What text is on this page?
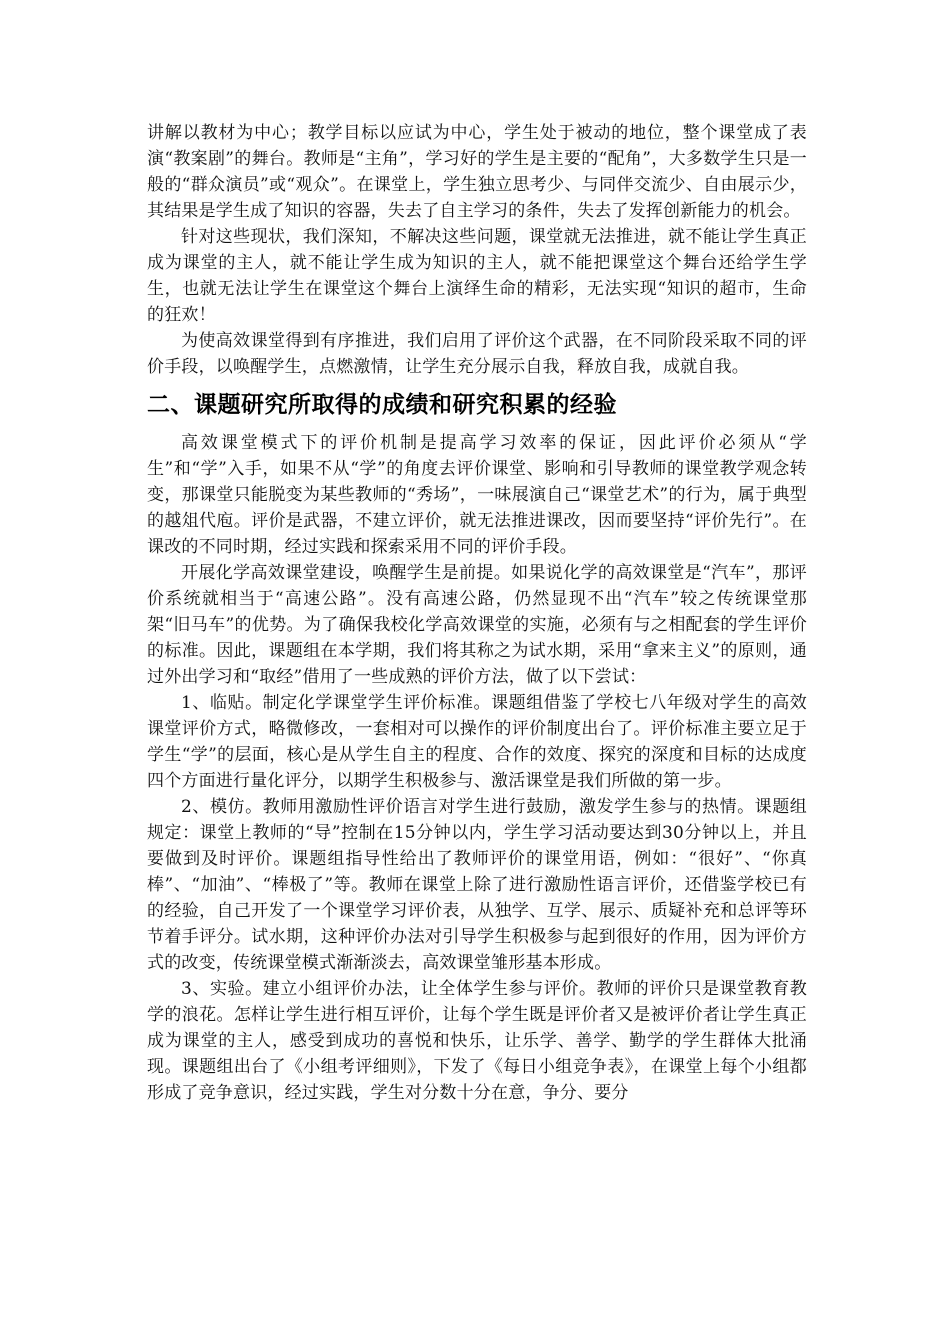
讲解以教材为中心；教学目标以应试为中心，学生处于被动的地位，整个课堂成了表演“教案剧”的舞台。教师是“主角”，学习好的学生是主要的“配角”，大多数学生只是一般的“群众演员”或“观众”。在课堂上，学生独立思考少、与同伴交流少、自由展示少，其结果是学生成了知识的容器，失去了自主学习的条件，失去了发挥创新能力的机会。

针对这些现状，我们深知，不解决这些问题，课堂就无法推进，就不能让学生真正成为课堂的主人，就不能让学生成为知识的主人，就不能把课堂这个舞台还给学生学生，也就无法让学生在课堂这个舞台上演绎生命的精彩，无法实现“知识的超市，生命的狂欢！

为使高效课堂得到有序推进，我们启用了评价这个武器，在不同阶段采取不同的评价手段，以唤醒学生，点燃激情，让学生充分展示自我，释放自我，成就自我。

二、课题研究所取得的成绩和研究积累的经验

高效课堂模式下的评价机制是提高学习效率的保证，因此评价必须从“学生”和“学”入手，如果不从“学”的角度去评价课堂、影响和引导教师的课堂教学观念转变，那课堂只能脱变为某些教师的“秀场”，一味展演自己“课堂艺术”的行为，属于典型的越俎代庖。评价是武器，不建立评价，就无法推进课改，因而要坚持“评价先行”。在课改的不同时期，经过实践和探索采用不同的评价手段。

开展化学高效课堂建设，唤醒学生是前提。如果说化学的高效课堂是“汽车”，那评价系统就相当于“高速公路”。没有高速公路，仍然显现不出“汽车”较之传统课堂那架“旧马车”的优势。为了确保我校化学高效课堂的实施，必须有与之相配套的学生评价的标准。因此，课题组在本学期，我们将其称之为试水期，采用“拿来主义”的原则，通过外出学习和“取经”借用了一些成熟的评价方法，做了以下尝试：

1、临贴。制定化学课堂学生评价标准。课题组借鉴了学校七八年级对学生的高效课堂评价方式，略微修改，一套相对可以操作的评价制度出台了。评价标准主要立足于学生“学”的层面，核心是从学生自主的程度、合作的效度、探究的深度和目标的达成度四个方面进行量化评分，以期学生积极参与、激活课堂是我们所做的第一步。

2、模仿。教师用激励性评价语言对学生进行鼓励，激发学生参与的热情。课题组规定：课堂上教师的“导”控制在15分钟以内，学生学习活动要达到30分钟以上，并且要做到及时评价。课题组指导性给出了教师评价的课堂用语，例如：“很好”、“你真棒”、“加油”、“棒极了”等。教师在课堂上除了进行激励性语言评价，还借鉴学校已有的经验，自己开发了一个课堂学习评价表，从独学、互学、展示、质疑补充和总评等环节着手评分。试水期，这种评价办法对引导学生积极参与起到很好的作用，因为评价方式的改变，传统课堂模式渐渐淡去，高效课堂雏形基本形成。

3、实验。建立小组评价办法，让全体学生参与评价。教师的评价只是课堂教育教学的浪花。怎样让学生进行相互评价，让每个学生既是评价者又是被评价者让学生真正成为课堂的主人，感受到成功的喜悦和快乐，让乐学、善学、勤学的学生群体大批涌现。课题组出台了《小组考评细则》，下发了《每日小组竞争表》，在课堂上每个小组都形成了竞争意识，经过实践，学生对分数十分在意，争分、要分
